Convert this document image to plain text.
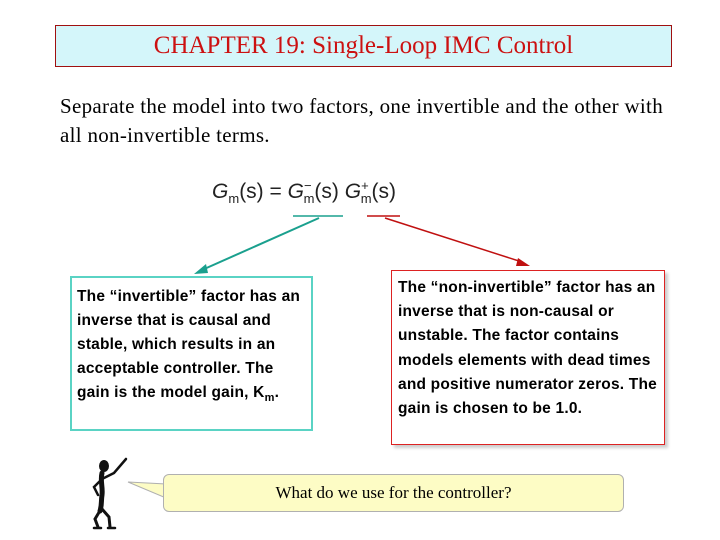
CHAPTER 19: Single-Loop IMC Control
Separate the model into two factors, one invertible and the other with all non-invertible terms.
$G_m(s) = G^-_m(s)$ $G^+_m(s)$
The “invertible” factor has an inverse that is causal and stable, which results in an acceptable controller. The gain is the model gain, $K_m$.
The “non-invertible” factor has an inverse that is non-causal or unstable. The factor contains models elements with dead times and positive numerator zeros. The gain is chosen to be 1.0.
What do we use for the controller?
